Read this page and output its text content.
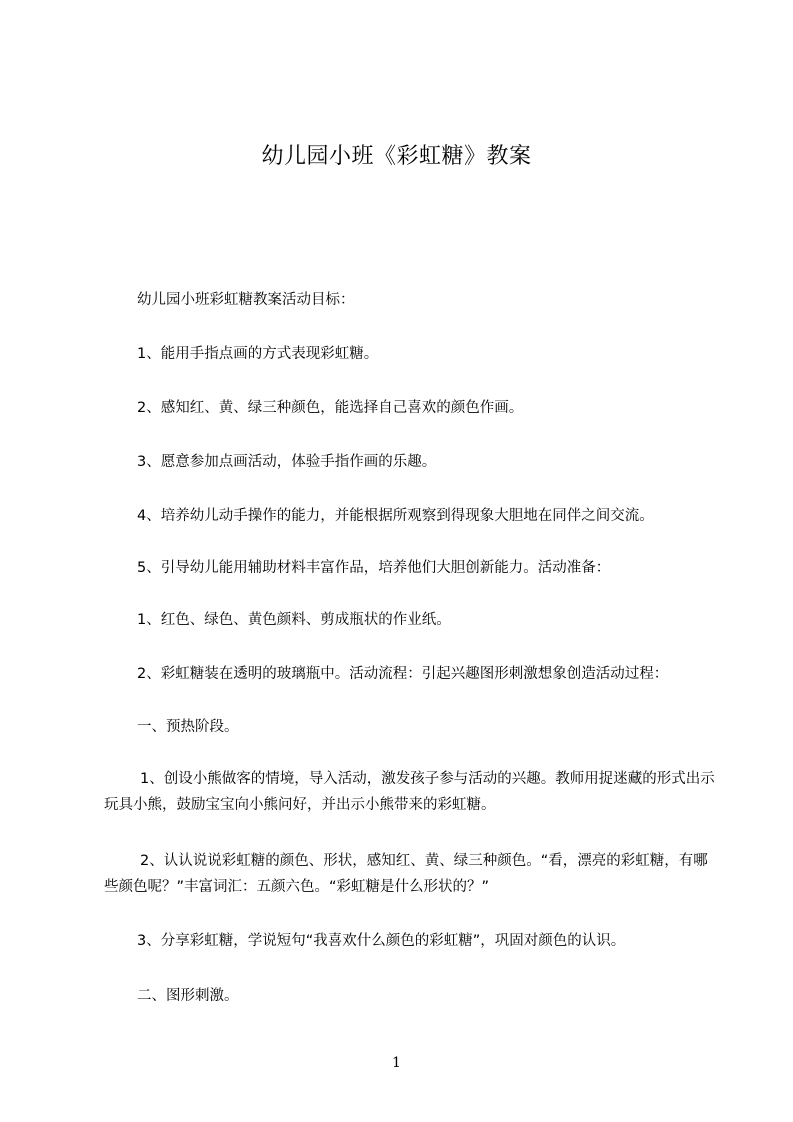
幼儿园小班《彩虹糖》教案
幼儿园小班彩虹糖教案活动目标：
1、能用手指点画的方式表现彩虹糖。
2、感知红、黄、绿三种颜色，能选择自己喜欢的颜色作画。
3、愿意参加点画活动，体验手指作画的乐趣。
4、培养幼儿动手操作的能力，并能根据所观察到得现象大胆地在同伴之间交流。
5、引导幼儿能用辅助材料丰富作品，培养他们大胆创新能力。活动准备：
1、红色、绿色、黄色颜料、剪成瓶状的作业纸。
2、彩虹糖装在透明的玻璃瓶中。活动流程：引起兴趣图形刺激想象创造活动过程：
一、预热阶段。
1、创设小熊做客的情境，导入活动，激发孩子参与活动的兴趣。教师用捉迷藏的形式出示玩具小熊，鼓励宝宝向小熊问好，并出示小熊带来的彩虹糖。
2、认认说说彩虹糖的颜色、形状，感知红、黄、绿三种颜色。“看，漂亮的彩虹糖，有哪些颜色呢？”丰富词汇：五颜六色。“彩虹糖是什么形状的？”
3、分享彩虹糖，学说短句“我喜欢什么颜色的彩虹糖”，巩固对颜色的认识。
二、图形刺激。
1
